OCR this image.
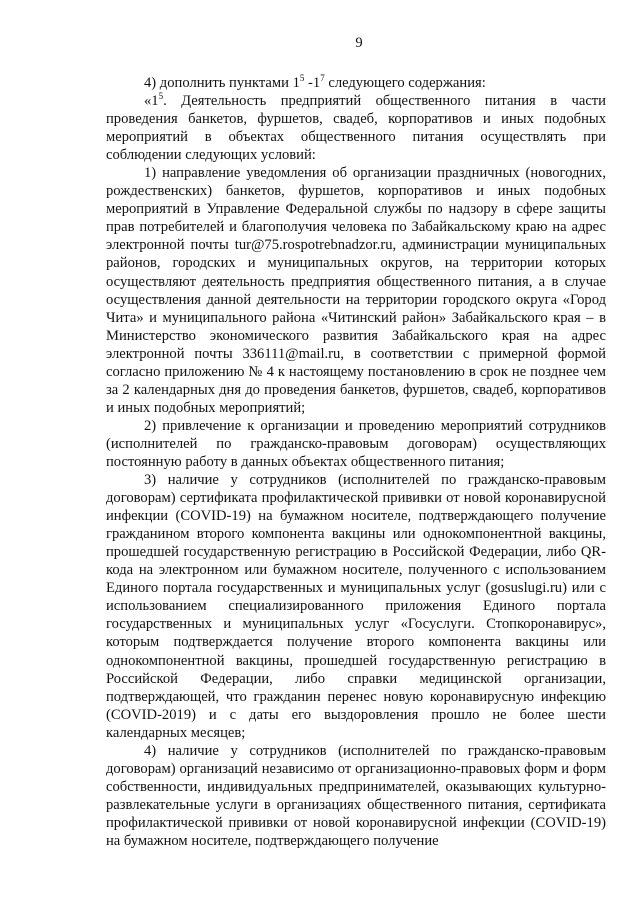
9

4) дополнить пунктами $1^5$ $-1^7$ следующего содержания:

«$1^5$. Деятельность предприятий общественного питания в части проведения банкетов, фуршетов, свадеб, корпоративов и иных подобных мероприятий в объектах общественного питания осуществлять при соблюдении следующих условий:

1) направление уведомления об организации праздничных (новогодних, рождественских) банкетов, фуршетов, корпоративов и иных подобных мероприятий в Управление Федеральной службы по надзору в сфере защиты прав потребителей и благополучия человека по Забайкальскому краю на адрес электронной почты tur@75.rospotrebnadzor.ru, администрации муниципальных районов, городских и муниципальных округов, на территории которых осуществляют деятельность предприятия общественного питания, а в случае осуществления данной деятельности на территории городского округа «Город Чита» и муниципального района «Читинский район» Забайкальского края – в Министерство экономического развития Забайкальского края на адрес электронной почты 336111@mail.ru, в соответствии с примерной формой согласно приложению № 4 к настоящему постановлению в срок не позднее чем за 2 календарных дня до проведения банкетов, фуршетов, свадеб, корпоративов и иных подобных мероприятий;

2) привлечение к организации и проведению мероприятий сотрудников (исполнителей по гражданско-правовым договорам) осуществляющих постоянную работу в данных объектах общественного питания;

3) наличие у сотрудников (исполнителей по гражданско-правовым договорам) сертификата профилактической прививки от новой коронавирусной инфекции (COVID-19) на бумажном носителе, подтверждающего получение гражданином второго компонента вакцины или однокомпонентной вакцины, прошедшей государственную регистрацию в Российской Федерации, либо QR-кода на электронном или бумажном носителе, полученного с использованием Единого портала государственных и муниципальных услуг (gosuslugi.ru) или с использованием специализированного приложения Единого портала государственных и муниципальных услуг «Госуслуги. Стопкоронавирус», которым подтверждается получение второго компонента вакцины или однокомпонентной вакцины, прошедшей государственную регистрацию в Российской Федерации, либо справки медицинской организации, подтверждающей, что гражданин перенес новую коронавирусную инфекцию (COVID-2019) и с даты его выздоровления прошло не более шести календарных месяцев;

4) наличие у сотрудников (исполнителей по гражданско-правовым договорам) организаций независимо от организационно-правовых форм и форм собственности, индивидуальных предпринимателей, оказывающих культурно-развлекательные услуги в организациях общественного питания, сертификата профилактической прививки от новой коронавирусной инфекции (COVID-19) на бумажном носителе, подтверждающего получение
